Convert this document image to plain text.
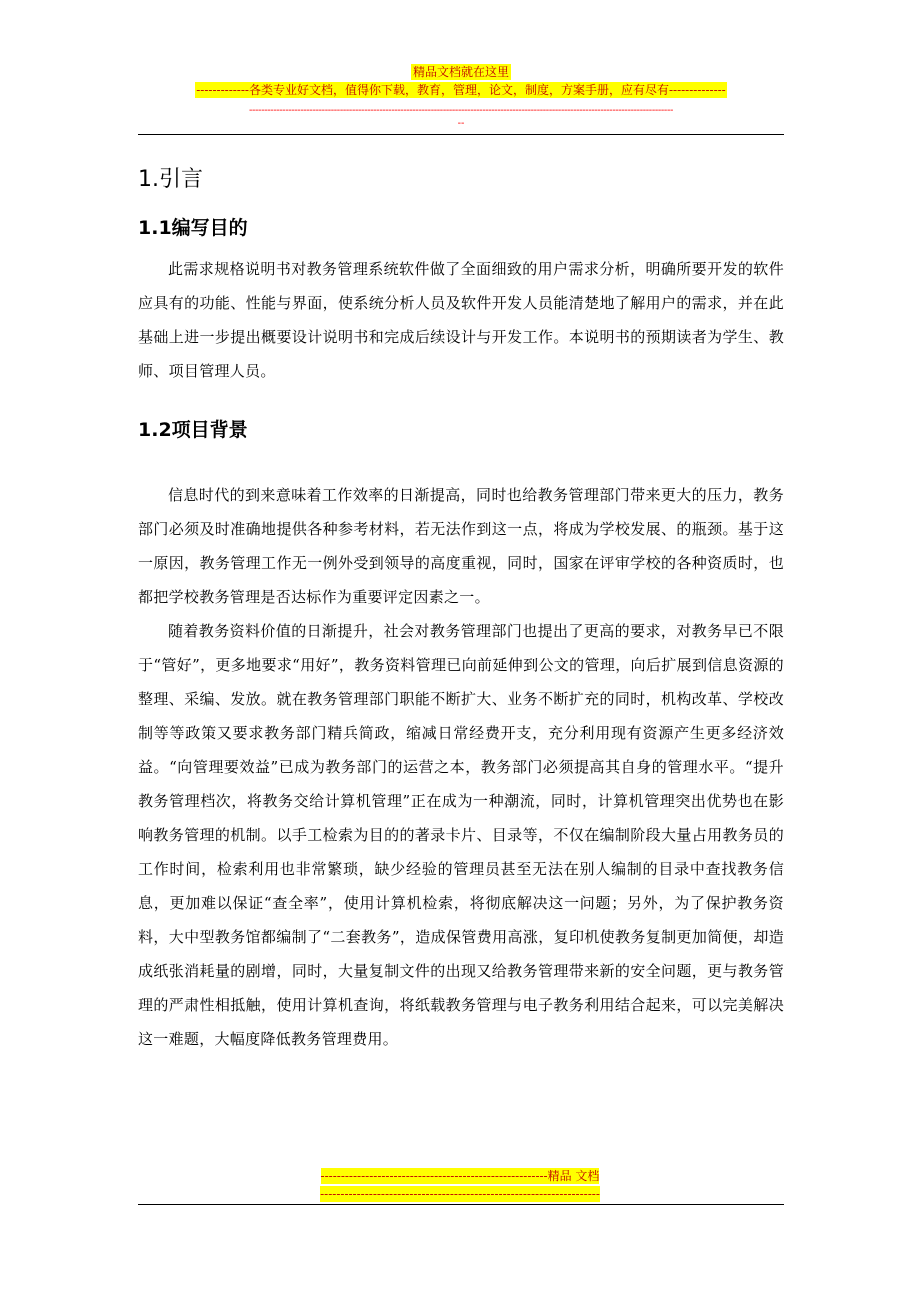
精品文档就在这里
-------------各类专业好文档，值得你下载，教育，管理，论文，制度，方案手册，应有尽有--------------
--------------------------------------------------------------------------------------------------------------------------------------------
--
1.引言
1.1编写目的

此需求规格说明书对教务管理系统软件做了全面细致的用户需求分析，明确所要开发的软件应具有的功能、性能与界面，使系统分析人员及软件开发人员能清楚地了解用户的需求，并在此基础上进一步提出概要设计说明书和完成后续设计与开发工作。本说明书的预期读者为学生、教师、项目管理人员。

1.2项目背景

信息时代的到来意味着工作效率的日渐提高，同时也给教务管理部门带来更大的压力，教务部门必须及时准确地提供各种参考材料，若无法作到这一点，将成为学校发展、的瓶颈。基于这一原因，教务管理工作无一例外受到领导的高度重视，同时，国家在评审学校的各种资质时，也都把学校教务管理是否达标作为重要评定因素之一。

随着教务资料价值的日渐提升，社会对教务管理部门也提出了更高的要求，对教务早已不限于“管好”，更多地要求“用好”，教务资料管理已向前延伸到公文的管理，向后扩展到信息资源的整理、采编、发放。就在教务管理部门职能不断扩大、业务不断扩充的同时，机构改革、学校改制等等政策又要求教务部门精兵简政，缩减日常经费开支，充分利用现有资源产生更多经济效益。“向管理要效益”已成为教务部门的运营之本，教务部门必须提高其自身的管理水平。“提升教务管理档次，将教务交给计算机管理”正在成为一种潮流，同时，计算机管理突出优势也在影响教务管理的机制。以手工检索为目的的著录卡片、目录等，不仅在编制阶段大量占用教务员的工作时间，检索利用也非常繁琐，缺少经验的管理员甚至无法在别人编制的目录中查找教务信息，更加难以保证“查全率”，使用计算机检索，将彻底解决这一问题；另外，为了保护教务资料，大中型教务馆都编制了“二套教务”，造成保管费用高涨，复印机使教务复制更加简便，却造成纸张消耗量的剧增，同时，大量复制文件的出现又给教务管理带来新的安全问题，更与教务管理的严肃性相抵触，使用计算机查询，将纸载教务管理与电子教务利用结合起来，可以完美解决这一难题，大幅度降低教务管理费用。

--------------------------------------------------------精品 文档
---------------------------------------------------------------------
